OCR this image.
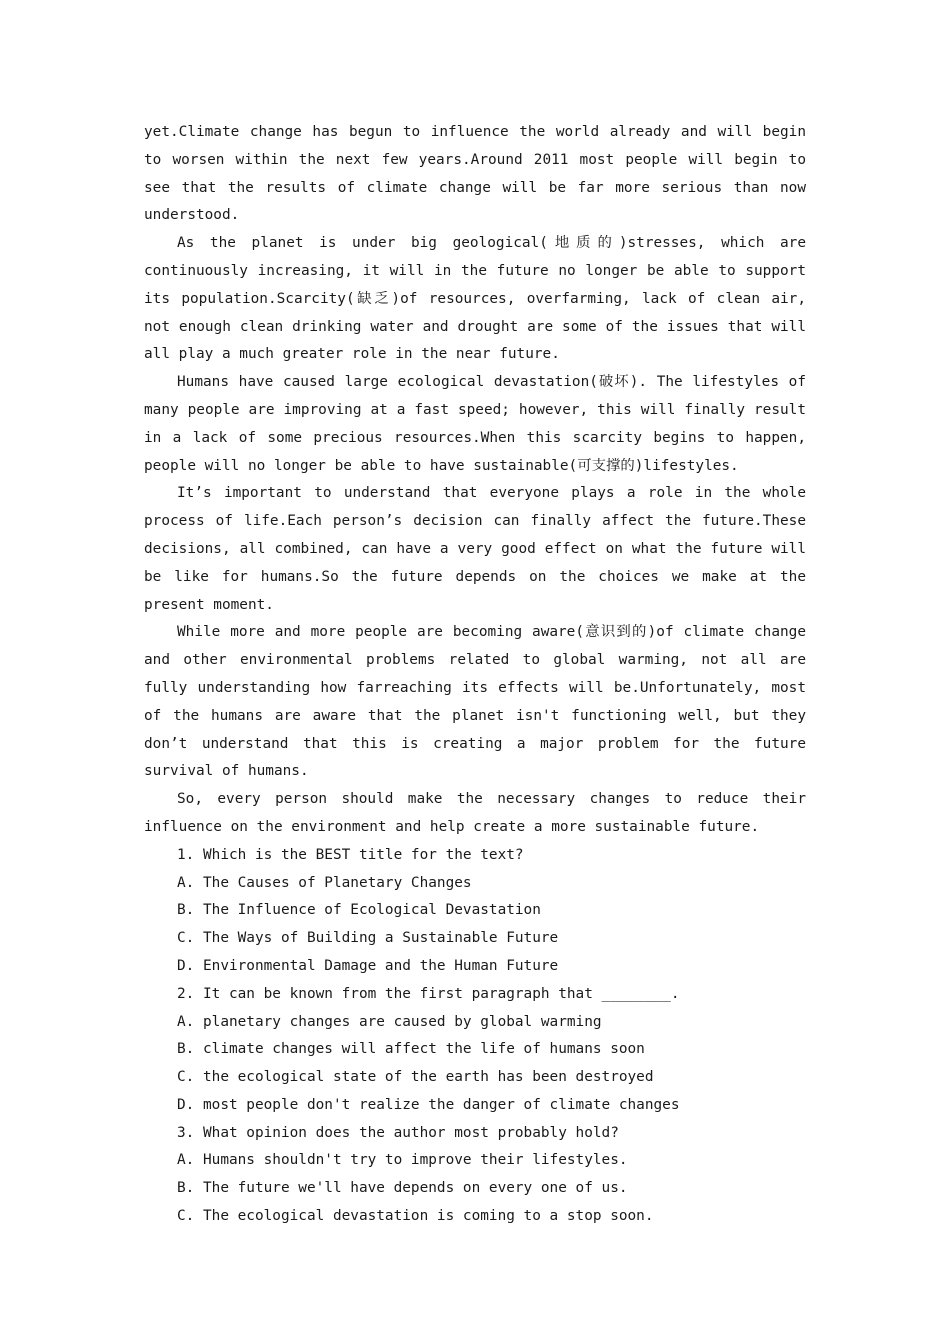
yet.Climate change has begun to influence the world already and will begin to worsen within the next few years.Around 2011 most people will begin to see that the results of climate change will be far more serious than now understood.

As the planet is under big geological(地质的)stresses, which are continuously increasing, it will in the future no longer be able to support its population.Scarcity(缺乏)of resources, overfarming, lack of clean air, not enough clean drinking water and drought are some of the issues that will all play a much greater role in the near future.

Humans have caused large ecological devastation(破坏). The lifestyles of many people are improving at a fast speed; however, this will finally result in a lack of some precious resources.When this scarcity begins to happen, people will no longer be able to have sustainable(可支撑的)lifestyles.

It’s important to understand that everyone plays a role in the whole process of life.Each person’s decision can finally affect the future.These decisions, all combined, can have a very good effect on what the future will be like for humans.So the future depends on the choices we make at the present moment.

While more and more people are becoming aware(意识到的)of climate change and other environmental problems related to global warming, not all are fully understanding how farreaching its effects will be.Unfortunately, most of the humans are aware that the planet isn't functioning well, but they don’t understand that this is creating a major problem for the future survival of humans.

So, every person should make the necessary changes to reduce their influence on the environment and help create a more sustainable future.

1. Which is the BEST title for the text?

A. The Causes of Planetary Changes

B. The Influence of Ecological Devastation

C. The Ways of Building a Sustainable Future

D. Environmental Damage and the Human Future

2. It can be known from the first paragraph that ________.

A. planetary changes are caused by global warming

B. climate changes will affect the life of humans soon

C. the ecological state of the earth has been destroyed

D. most people don't realize the danger of climate changes

3. What opinion does the author most probably hold?

A. Humans shouldn't try to improve their lifestyles.

B. The future we'll have depends on every one of us.

C. The ecological devastation is coming to a stop soon.
